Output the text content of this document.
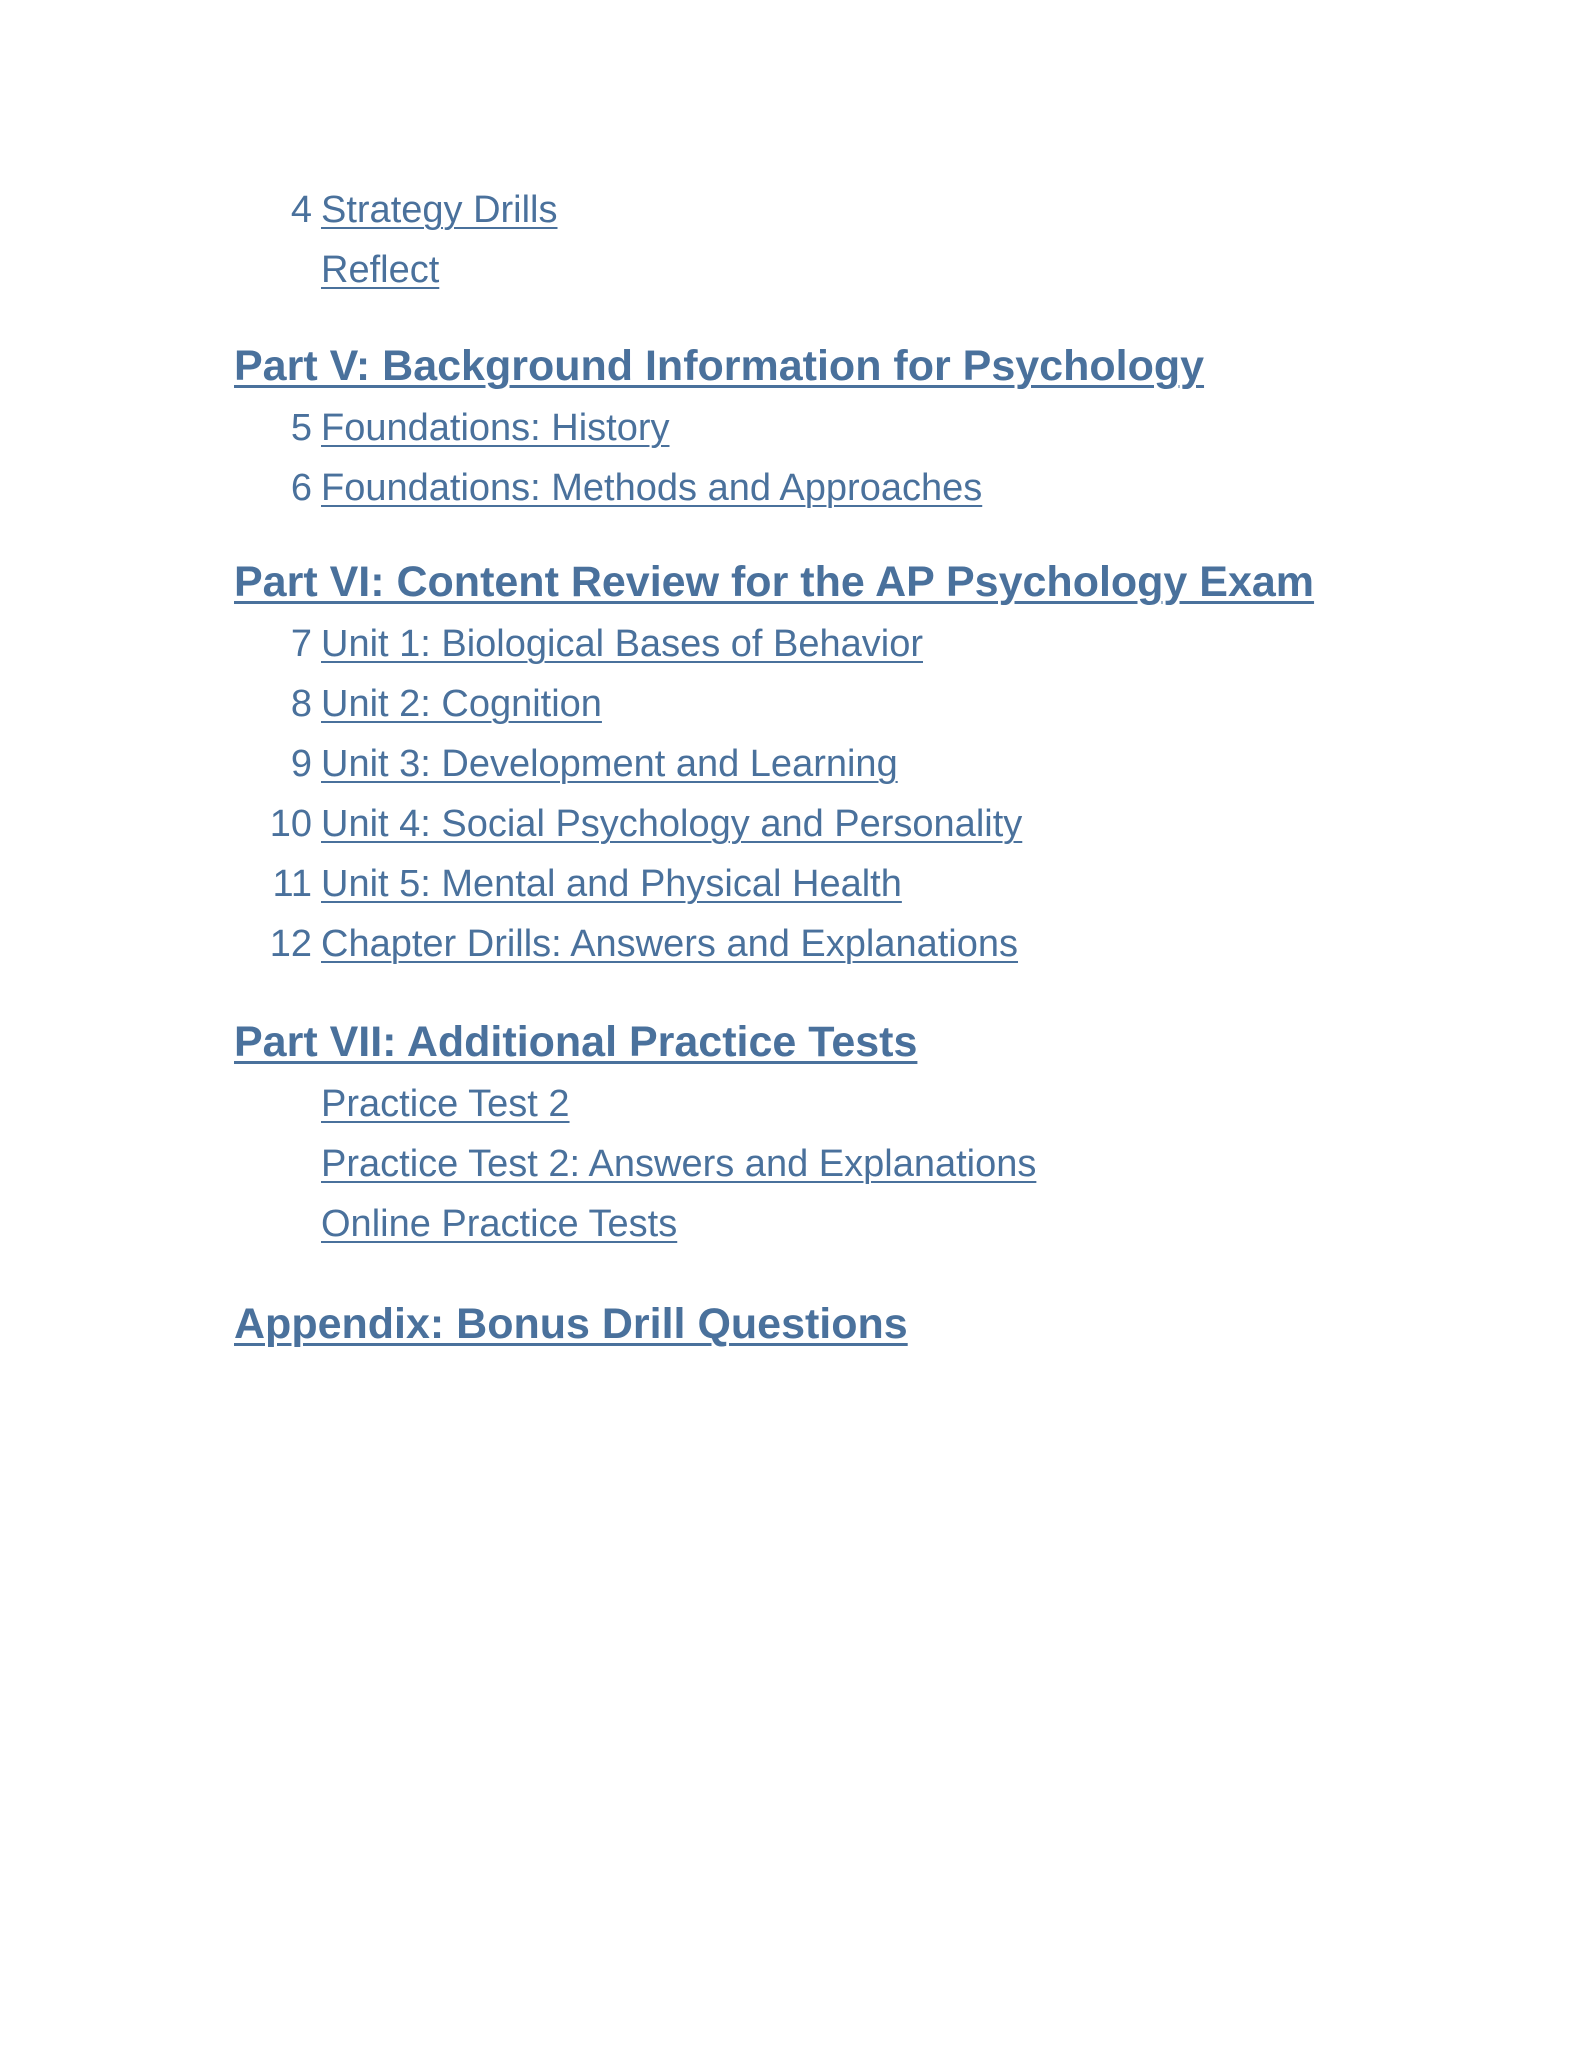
4 Strategy Drills
Reflect
Part V: Background Information for Psychology
5 Foundations: History
6 Foundations: Methods and Approaches
Part VI: Content Review for the AP Psychology Exam
7 Unit 1: Biological Bases of Behavior
8 Unit 2: Cognition
9 Unit 3: Development and Learning
10 Unit 4: Social Psychology and Personality
11 Unit 5: Mental and Physical Health
12 Chapter Drills: Answers and Explanations
Part VII: Additional Practice Tests
Practice Test 2
Practice Test 2: Answers and Explanations
Online Practice Tests
Appendix: Bonus Drill Questions
